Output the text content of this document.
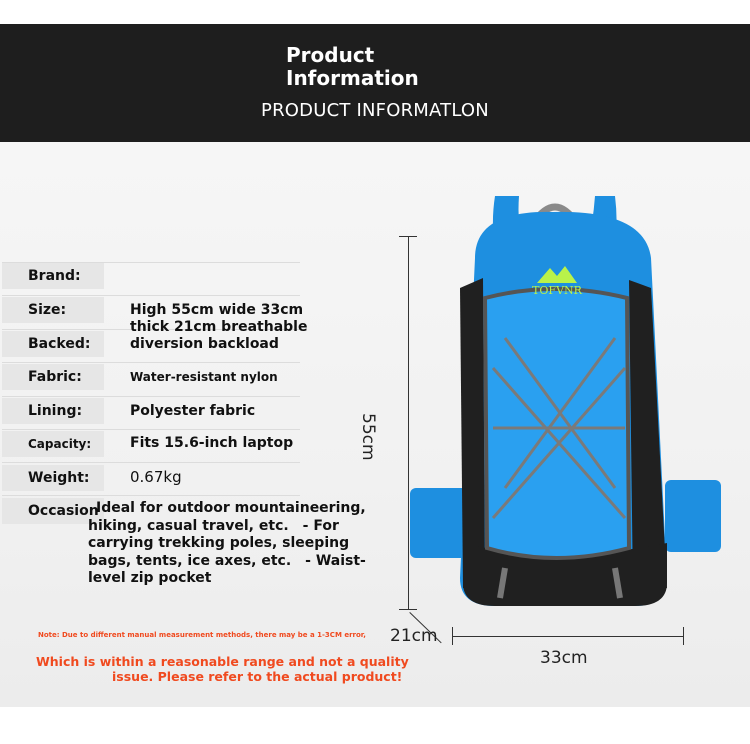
Product Information
PRODUCT INFORMATLON
Brand:
Size:
Backed:
Fabric:
Lining:
Capacity:
Weight:
Occasion
High 55cm wide 33cm thick 21cm breathable
diversion backload
Water-resistant nylon
Polyester fabric
Fits 15.6-inch laptop
0.67kg
Ideal for outdoor mountaineering, hiking, casual travel, etc.　- For carrying trekking poles, sleeping bags, tents, ice axes, etc.　- Waist-level zip pocket
Note: Due to different manual measurement methods, there may be a 1-3CM error,
Which is within a reasonable range and not a quality
issue. Please refer to the actual product!
55cm
21cm
33cm
TOFVNR
